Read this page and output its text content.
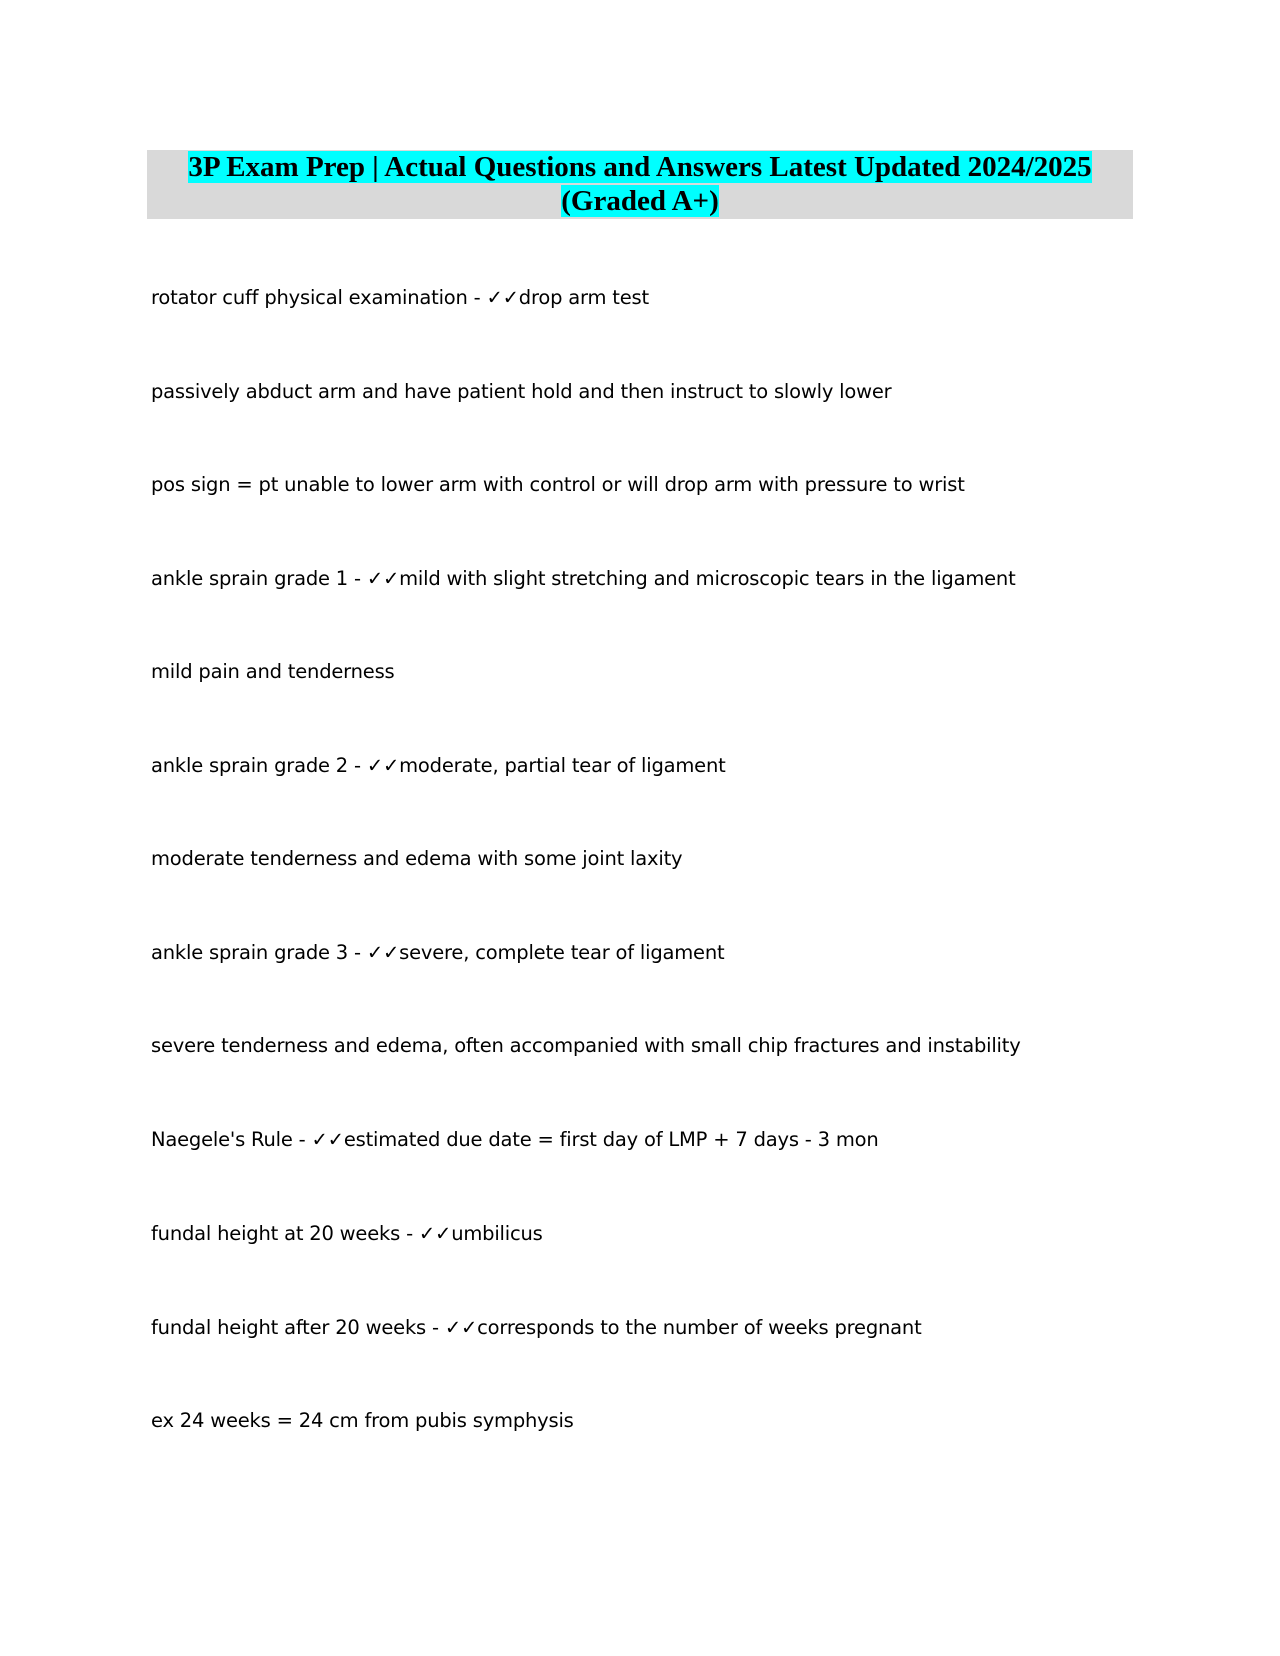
3P Exam Prep | Actual Questions and Answers Latest Updated 2024/2025
(Graded A+)
rotator cuff physical examination - ✓✓drop arm test
passively abduct arm and have patient hold and then instruct to slowly lower
pos sign = pt unable to lower arm with control or will drop arm with pressure to wrist
ankle sprain grade 1 - ✓✓mild with slight stretching and microscopic tears in the ligament
mild pain and tenderness
ankle sprain grade 2 - ✓✓moderate, partial tear of ligament
moderate tenderness and edema with some joint laxity
ankle sprain grade 3 - ✓✓severe, complete tear of ligament
severe tenderness and edema, often accompanied with small chip fractures and instability
Naegele's Rule - ✓✓estimated due date = first day of LMP + 7 days - 3 mon
fundal height at 20 weeks - ✓✓umbilicus
fundal height after 20 weeks - ✓✓corresponds to the number of weeks pregnant
ex 24 weeks = 24 cm from pubis symphysis
